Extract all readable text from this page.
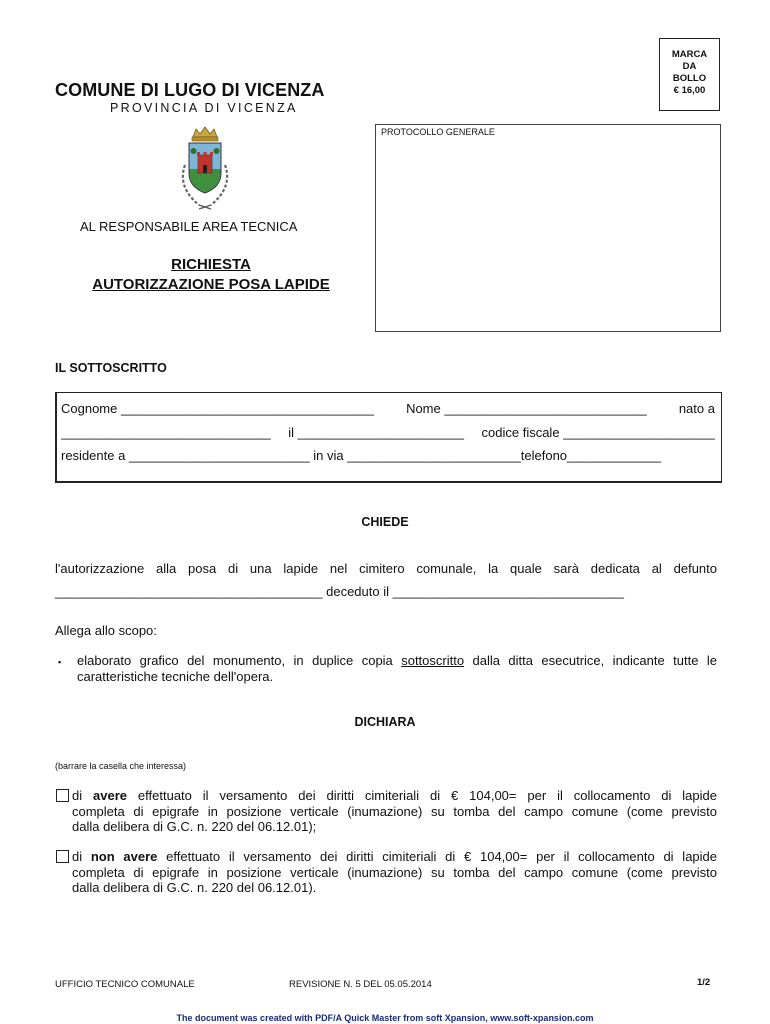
MARCA
DA
BOLLO
€ 16,00
COMUNE DI LUGO DI VICENZA
PROVINCIA DI VICENZA
PROTOCOLLO GENERALE
AL RESPONSABILE AREA TECNICA
RICHIESTA
AUTORIZZAZIONE POSA LAPIDE
IL SOTTOSCRITTO
Cognome ___________________________________ Nome ____________________________ nato a
_____________________________ il _______________________ codice fiscale _____________________
residente a _________________________ in via ________________________telefono_____________
CHIEDE
l'autorizzazione alla posa di una lapide nel cimitero comunale, la quale sarà dedicata al defunto
_____________________________________ deceduto il ________________________________
Allega allo scopo:
▪ elaborato grafico del monumento, in duplice copia sottoscritto dalla ditta esecutrice, indicante tutte le
caratteristiche tecniche dell'opera.
DICHIARA
(barrare la casella che interessa)
di avere effettuato il versamento dei diritti cimiteriali di € 104,00= per il collocamento di lapide
completa di epigrafe in posizione verticale (inumazione) su tomba del campo comune (come previsto
dalla delibera di G.C. n. 220 del 06.12.01);
di non avere effettuato il versamento dei diritti cimiteriali di € 104,00= per il collocamento di lapide
completa di epigrafe in posizione verticale (inumazione) su tomba del campo comune (come previsto
dalla delibera di G.C. n. 220 del 06.12.01).
UFFICIO TECNICO COMUNALE	REVISIONE N. 5 DEL 05.05.2014	1/2
The document was created with PDF/A Quick Master from soft Xpansion, www.soft-xpansion.com
